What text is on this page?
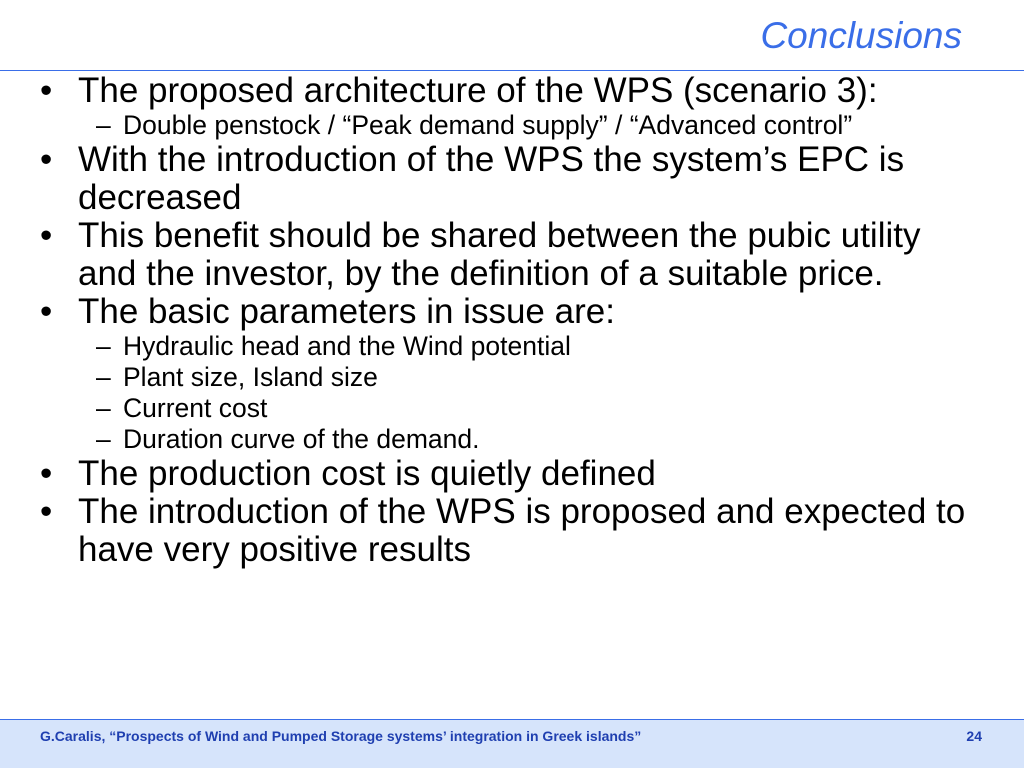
Conclusions
• The proposed architecture of the WPS (scenario 3):
– Double penstock / “Peak demand supply” / “Advanced control”
• With the introduction of the WPS the system’s EPC is decreased
• This benefit should be shared between the pubic utility and the investor, by the definition of a suitable price.
• The basic parameters in issue are:
– Hydraulic head and the Wind potential
– Plant size, Island size
– Current cost
– Duration curve of the demand.
• The production cost is quietly defined
• The introduction of the WPS is proposed and expected to have very positive results
G.Caralis, “Prospects of Wind and Pumped Storage systems’ integration in Greek islands”	24
